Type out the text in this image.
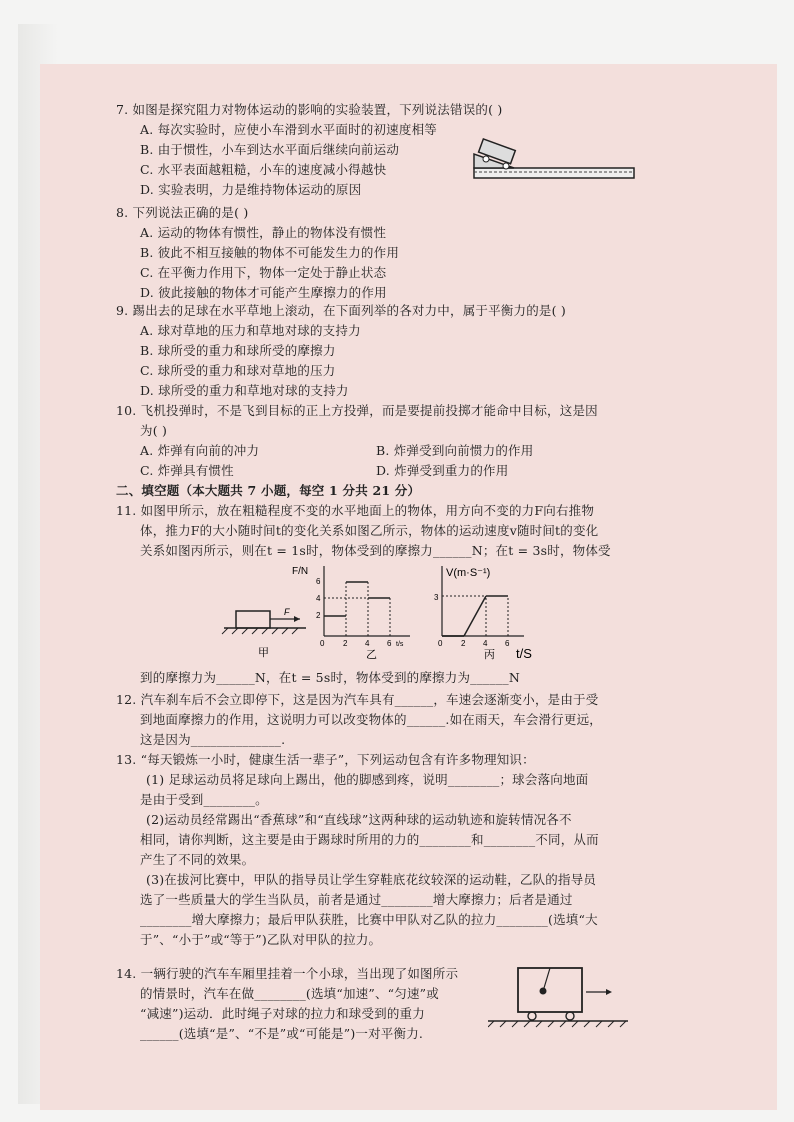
7. 如图是探究阻力对物体运动的影响的实验装置，下列说法错误的( )
A. 每次实验时，应使小车滑到水平面时的初速度相等
B. 由于惯性，小车到达水平面后继续向前运动
C. 水平表面越粗糙，小车的速度减小得越快
D. 实验表明，力是维持物体运动的原因
8. 下列说法正确的是( )
A. 运动的物体有惯性，静止的物体没有惯性
B. 彼此不相互接触的物体不可能发生力的作用
C. 在平衡力作用下，物体一定处于静止状态
D. 彼此接触的物体才可能产生摩擦力的作用
9. 踢出去的足球在水平草地上滚动，在下面列举的各对力中，属于平衡力的是( )
A. 球对草地的压力和草地对球的支持力
B. 球所受的重力和球所受的摩擦力
C. 球所受的重力和球对草地的压力
D. 球所受的重力和草地对球的支持力
10. 飞机投弹时，不是飞到目标的正上方投弹，而是要提前投掷才能命中目标，这是因
为( )
A. 炸弹有向前的冲力	B. 炸弹受到向前惯力的作用
C. 炸弹具有惯性	D. 炸弹受到重力的作用
二、填空题（本大题共 7 小题，每空 1 分共 21 分）
11. 如图甲所示，放在粗糙程度不变的水平地面上的物体，用方向不变的力F向右推物
体，推力F的大小随时间t的变化关系如图乙所示，物体的运动速度v随时间t的变化
关系如图丙所示，则在t = 1s时，物体受到的摩擦力______N；在t = 3s时，物体受
F
甲
F/N
6
4
2
0 2 4 6 t/s
乙
V(m·S⁻¹)
3
0 2 4 6
t/S
丙
到的摩擦力为______N，在t = 5s时，物体受到的摩擦力为______N
12. 汽车刹车后不会立即停下，这是因为汽车具有______，车速会逐渐变小，是由于受
到地面摩擦力的作用，这说明力可以改变物体的______.如在雨天，车会滑行更远，
这是因为______________.
13. “每天锻炼一小时，健康生活一辈子”，下列运动包含有许多物理知识：
(1) 足球运动员将足球向上踢出，他的脚感到疼，说明________；球会落向地面
是由于受到________。
(2)运动员经常踢出“香蕉球”和“直线球”这两种球的运动轨迹和旋转情况各不
相同，请你判断，这主要是由于踢球时所用的力的________和________不同，从而
产生了不同的效果。
(3)在拔河比赛中，甲队的指导员让学生穿鞋底花纹较深的运动鞋，乙队的指导员
选了一些质量大的学生当队员，前者是通过________增大摩擦力；后者是通过
________增大摩擦力；最后甲队获胜，比赛中甲队对乙队的拉力________(选填“大
于”、“小于”或“等于”)乙队对甲队的拉力。
14. 一辆行驶的汽车车厢里挂着一个小球，当出现了如图所示
的情景时，汽车在做________(选填“加速”、“匀速”或
“减速”)运动．此时绳子对球的拉力和球受到的重力
______(选填“是”、“不是”或“可能是”)一对平衡力.
